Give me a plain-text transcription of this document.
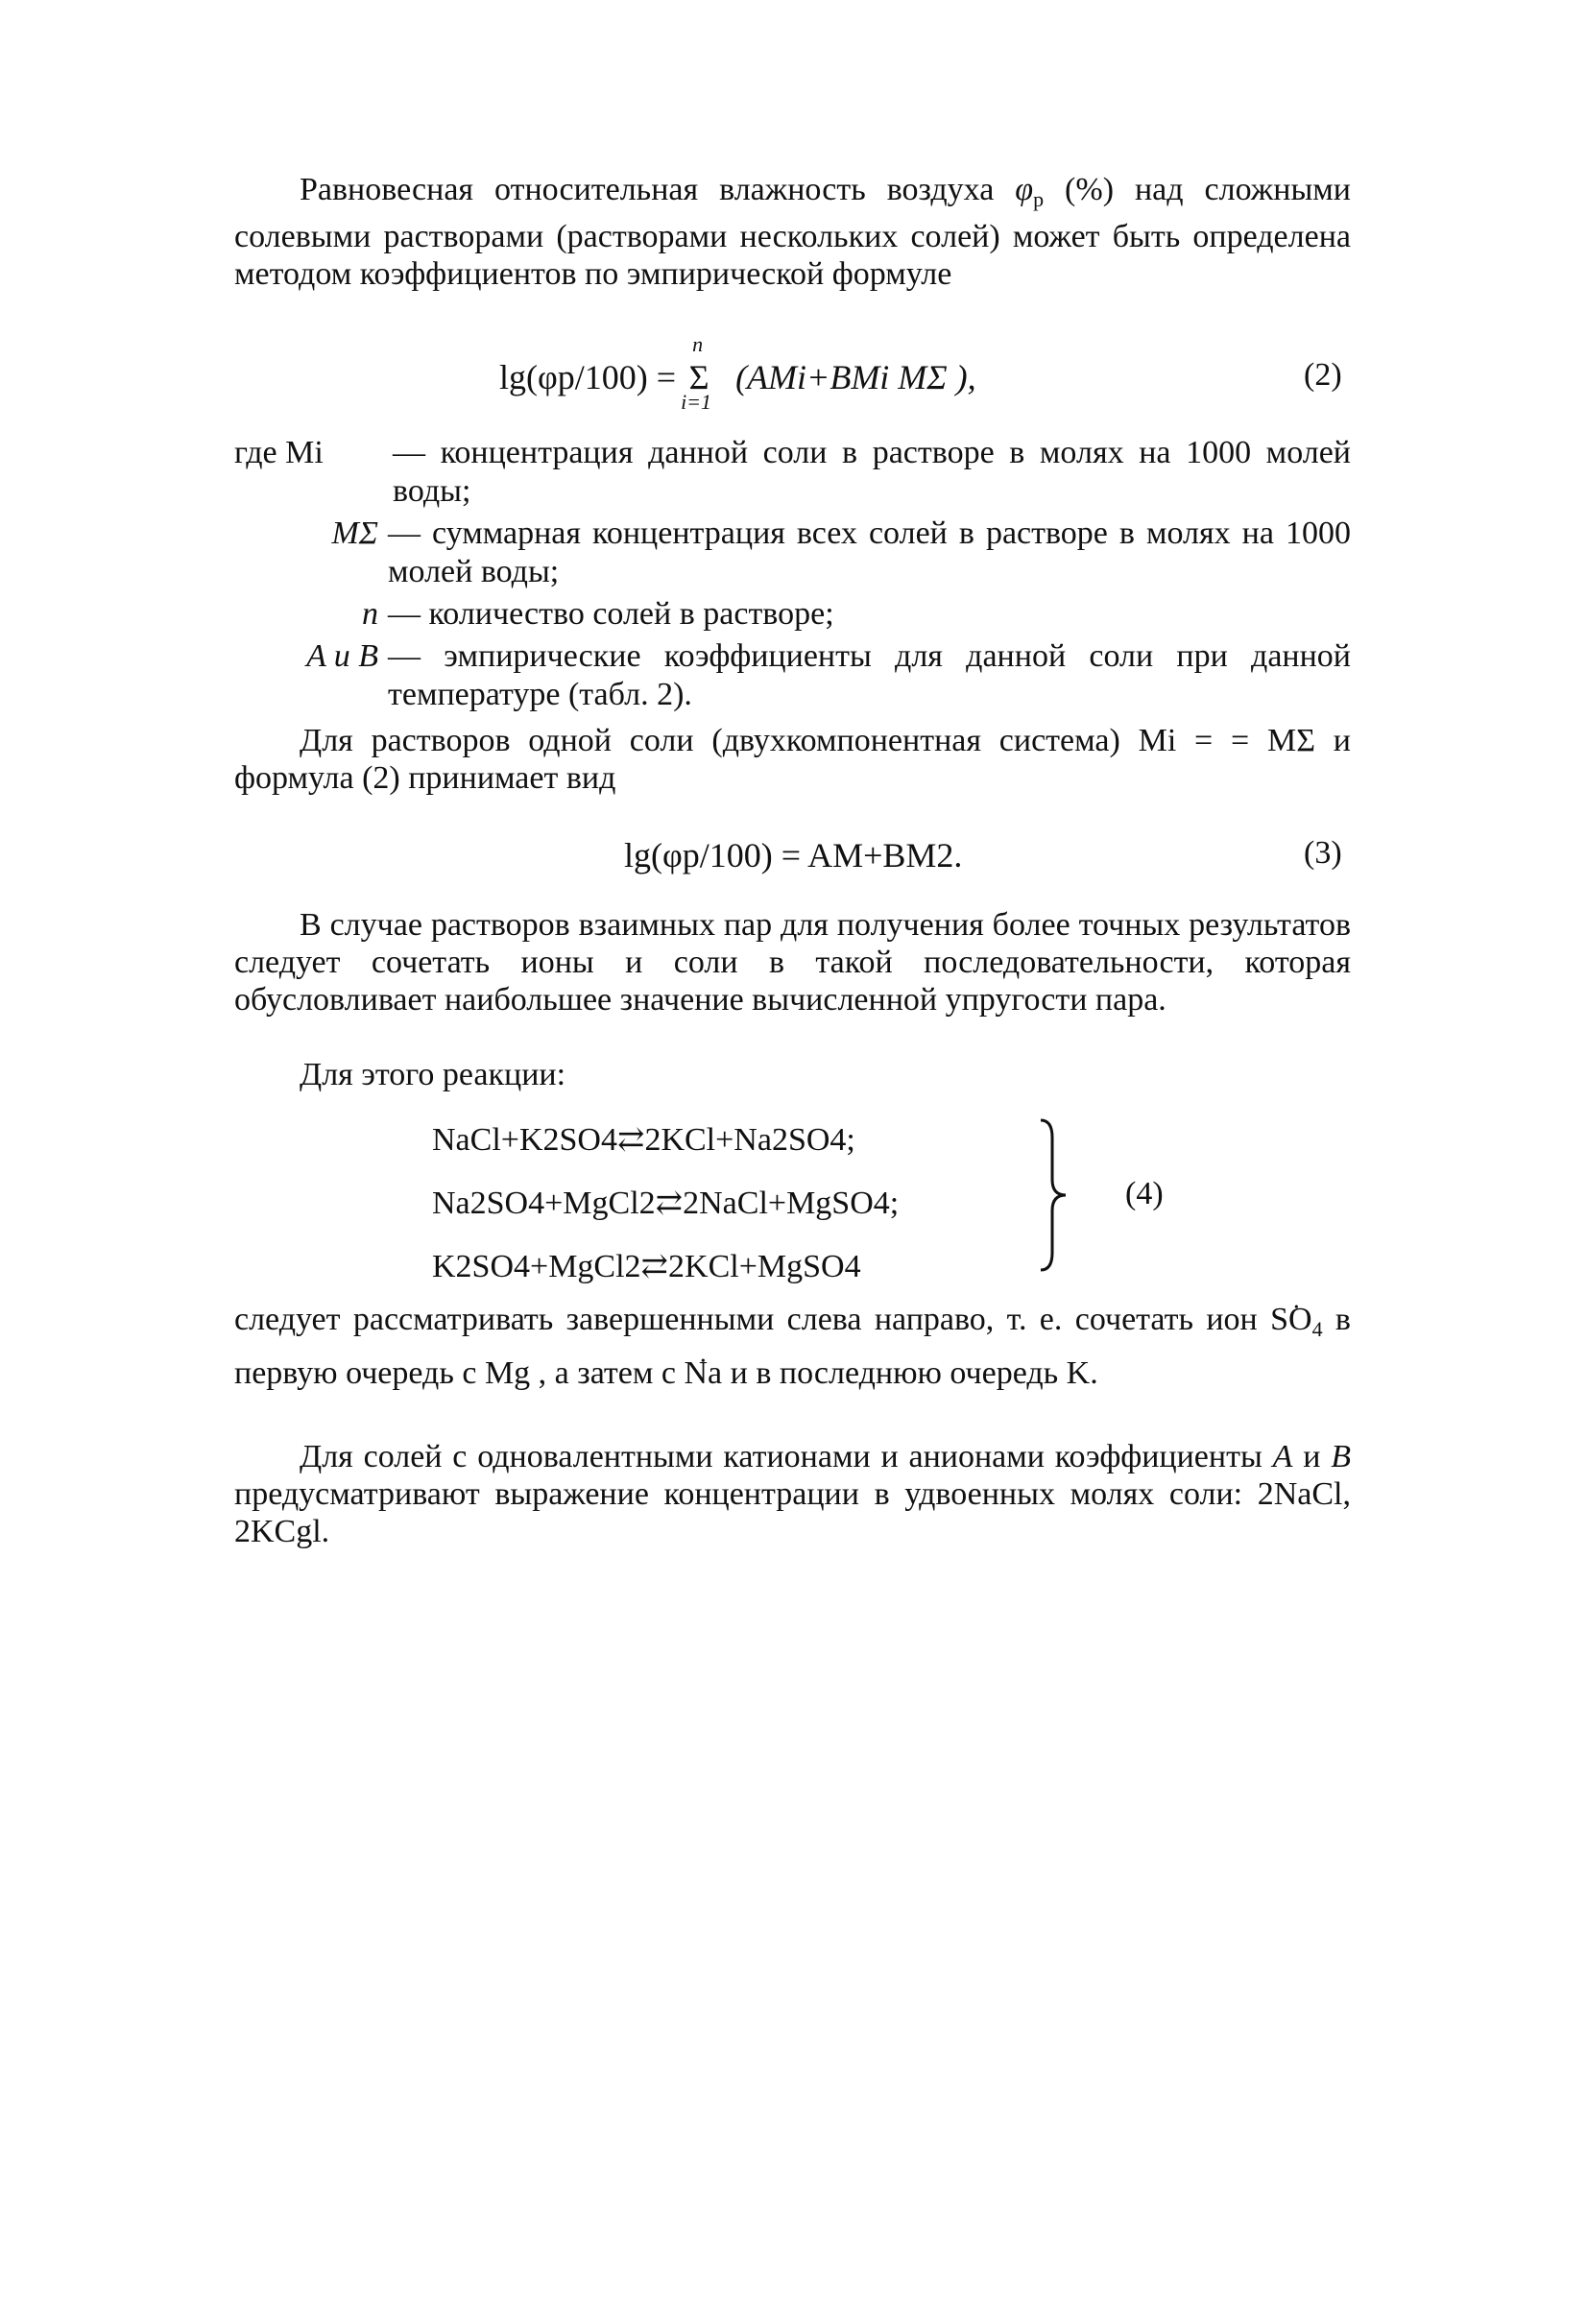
Равновесная относительная влажность воздуха $\varphi_р$ (%) над сложными солевыми растворами (растворами нескольких солей) может быть определена методом коэффициентов по эмпирической формуле

lg(φр/100) =
n
Σ
i=1
(AMi+BMi MΣ ),	(2)
где Mi — концентрация данной соли в растворе в молях на 1000 молей воды;
MΣ — суммарная концентрация всех солей в растворе в молях на 1000 молей воды;
n — количество солей в растворе;
A и B — эмпирические коэффициенты для данной соли при данной температуре (табл. 2).

Для растворов одной соли (двухкомпонентная система) Mi = = MΣ и формула (2) принимает вид

lg(φр/100) = AM+BM2.	(3)

В случае растворов взаимных пар для получения более точных результатов следует сочетать ионы и соли в такой последовательности, которая обусловливает наибольшее значение вычисленной упругости пара.

Для этого реакции:

NaCl+K2SO4⇄2KCl+Na2SO4;
Na2SO4+MgCl2⇄2NaCl+MgSO4;
K2SO4+MgCl2⇄2KCl+MgSO4
(4)

следует рассматривать завершенными слева направо, т. е. сочетать ион $SO_4$ • в первую очередь с Mg , а затем с Na • и в последнюю очередь K.

Для солей с одновалентными катионами и анионами коэффициенты A и B предусматривают выражение концентрации в удвоенных молях соли: 2NaCl, 2KCgl.
